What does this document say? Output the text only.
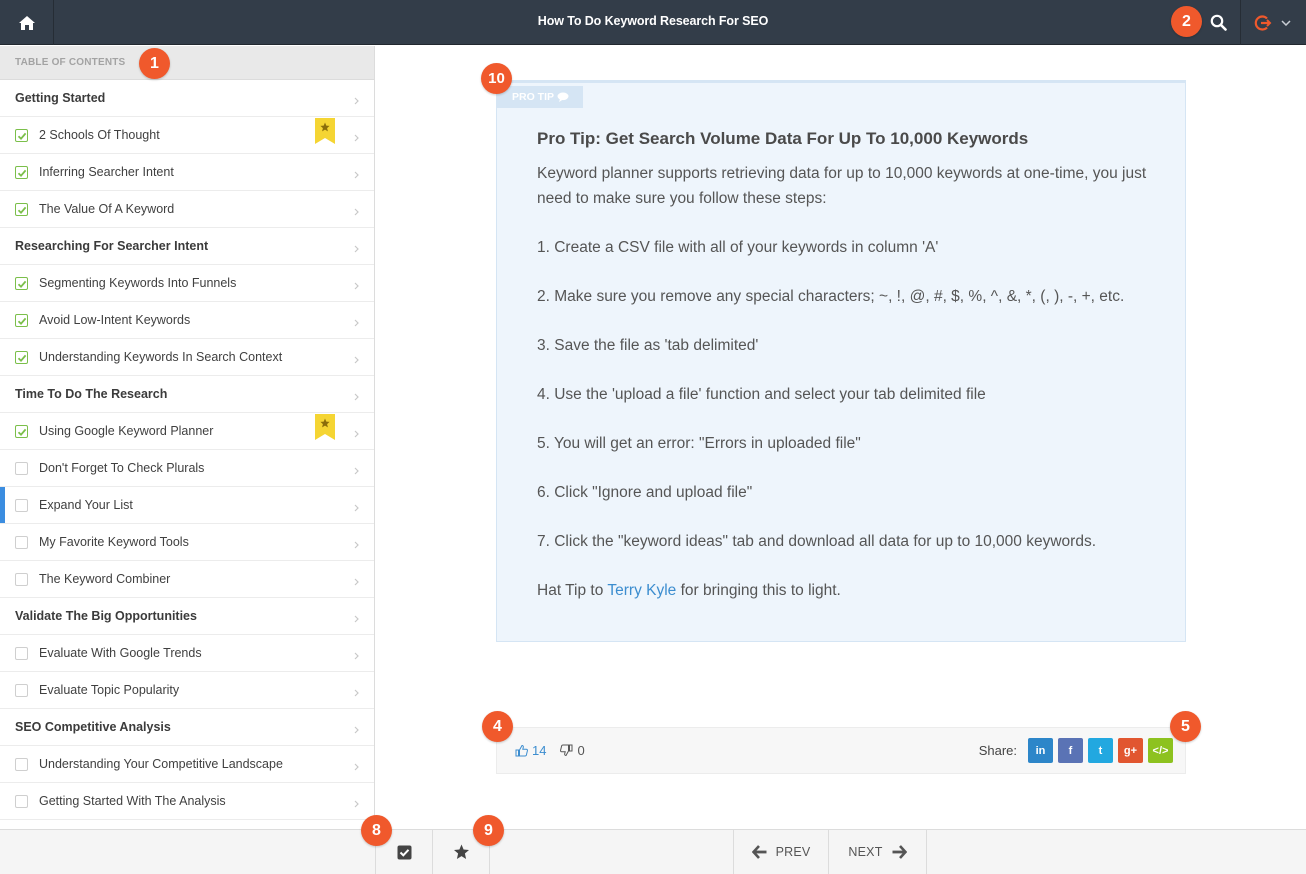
How To Do Keyword Research For SEO
TABLE OF CONTENTS
Getting Started
2 Schools Of Thought
Inferring Searcher Intent
The Value Of A Keyword
Researching For Searcher Intent
Segmenting Keywords Into Funnels
Avoid Low-Intent Keywords
Understanding Keywords In Search Context
Time To Do The Research
Using Google Keyword Planner
Don't Forget To Check Plurals
Expand Your List
My Favorite Keyword Tools
The Keyword Combiner
Validate The Big Opportunities
Evaluate With Google Trends
Evaluate Topic Popularity
SEO Competitive Analysis
Understanding Your Competitive Landscape
Getting Started With The Analysis
PRO TIP
Pro Tip: Get Search Volume Data For Up To 10,000 Keywords

Keyword planner supports retrieving data for up to 10,000 keywords at one-time, you just need to make sure you follow these steps:

1. Create a CSV file with all of your keywords in column 'A'

2. Make sure you remove any special characters; ~, !, @, #, $, %, ^, &, *, (, ), -, +, etc.

3. Save the file as 'tab delimited'

4. Use the 'upload a file' function and select your tab delimited file

5. You will get an error: "Errors in uploaded file"

6. Click "Ignore and upload file"

7. Click the "keyword ideas" tab and download all data for up to 10,000 keywords.

Hat Tip to Terry Kyle for bringing this to light.

14 0	Share: in f t g+ </>
PREV	NEXT
1
2
4	5
8	9
10
